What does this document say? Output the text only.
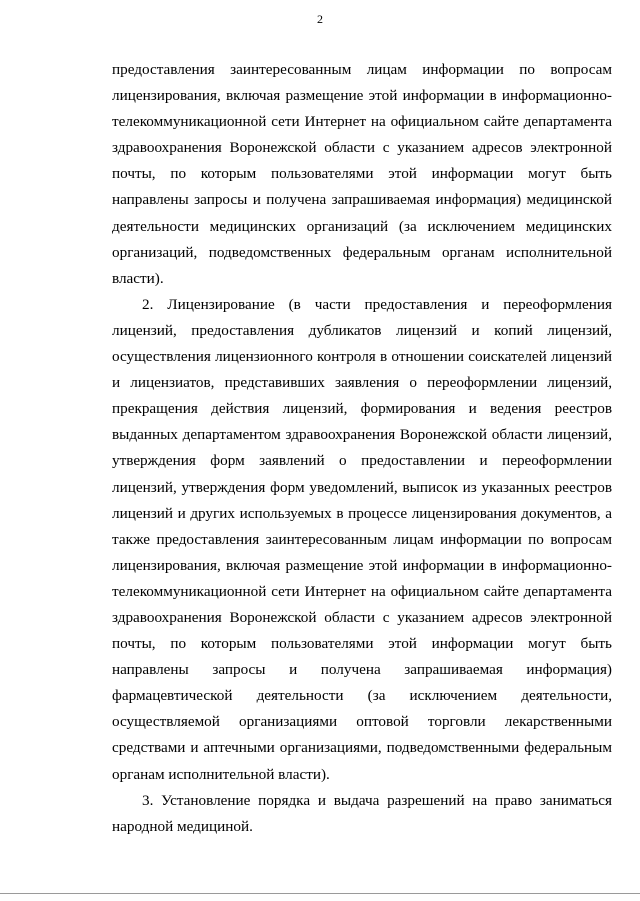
2

предоставления заинтересованным лицам информации по вопросам лицензирования, включая размещение этой информации в информационно-телекоммуникационной сети Интернет на официальном сайте департамента здравоохранения Воронежской области с указанием адресов электронной почты, по которым пользователями этой информации могут быть направлены запросы и получена запрашиваемая информация) медицинской деятельности медицинских организаций (за исключением медицинских организаций, подведомственных федеральным органам исполнительной власти).

2. Лицензирование (в части предоставления и переоформления лицензий, предоставления дубликатов лицензий и копий лицензий, осуществления лицензионного контроля в отношении соискателей лицензий и лицензиатов, представивших заявления о переоформлении лицензий, прекращения действия лицензий, формирования и ведения реестров выданных департаментом здравоохранения Воронежской области лицензий, утверждения форм заявлений о предоставлении и переоформлении лицензий, утверждения форм уведомлений, выписок из указанных реестров лицензий и других используемых в процессе лицензирования документов, а также предоставления заинтересованным лицам информации по вопросам лицензирования, включая размещение этой информации в информационно-телекоммуникационной сети Интернет на официальном сайте департамента здравоохранения Воронежской области с указанием адресов электронной почты, по которым пользователями этой информации могут быть направлены запросы и получена запрашиваемая информация) фармацевтической деятельности (за исключением деятельности, осуществляемой организациями оптовой торговли лекарственными средствами и аптечными организациями, подведомственными федеральным органам исполнительной власти).

3. Установление порядка и выдача разрешений на право заниматься народной медициной.
